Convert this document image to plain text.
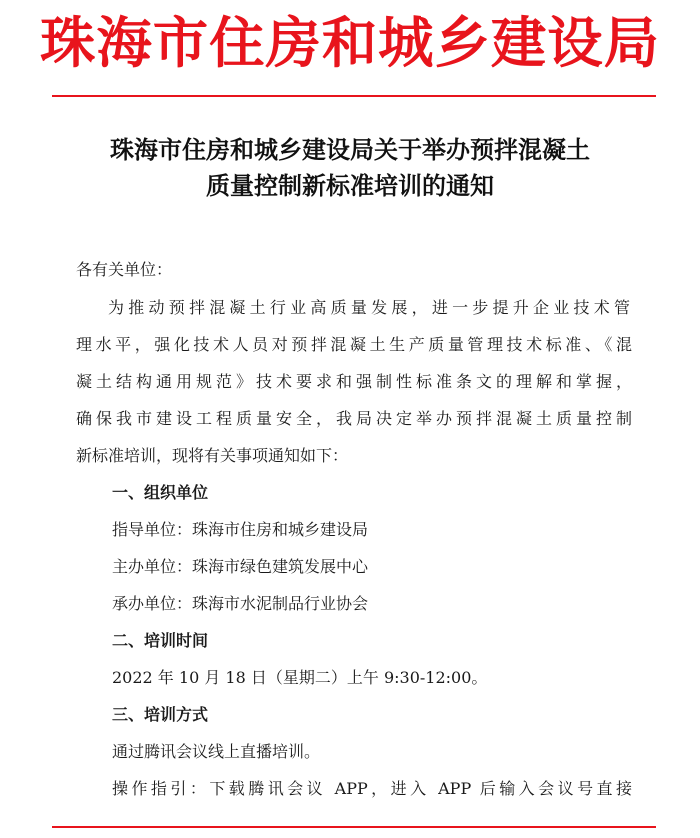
珠海市住房和城乡建设局
珠海市住房和城乡建设局关于举办预拌混凝土
质量控制新标准培训的通知
各有关单位：
为推动预拌混凝土行业高质量发展，进一步提升企业技术管
理水平，强化技术人员对预拌混凝土生产质量管理技术标准、《混
凝土结构通用规范》技术要求和强制性标准条文的理解和掌握，
确保我市建设工程质量安全，我局决定举办预拌混凝土质量控制
新标准培训，现将有关事项通知如下：
一、组织单位
指导单位：珠海市住房和城乡建设局
主办单位：珠海市绿色建筑发展中心
承办单位：珠海市水泥制品行业协会
二、培训时间
2022 年 10 月 18 日（星期二）上午 9:30-12:00。
三、培训方式
通过腾讯会议线上直播培训。
操作指引：下载腾讯会议 APP，进入 APP 后输入会议号直接
